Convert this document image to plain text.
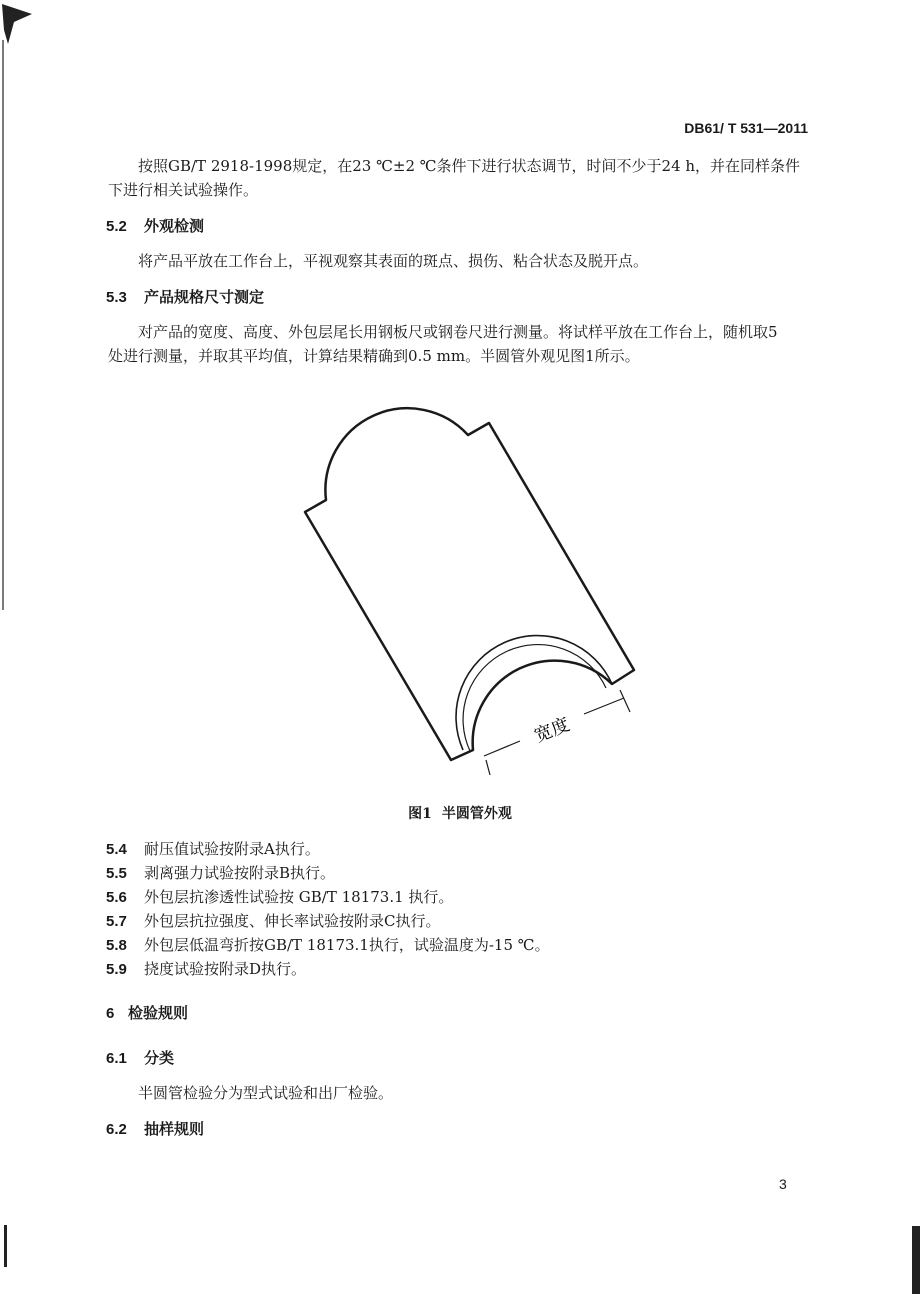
DB61/ T 531—2011
按照GB/T 2918-1998规定，在23 ℃±2 ℃条件下进行状态调节，时间不少于24 h，并在同样条件
下进行相关试验操作。
5.2 外观检测
将产品平放在工作台上，平视观察其表面的斑点、损伤、粘合状态及脱开点。
5.3 产品规格尺寸测定
对产品的宽度、高度、外包层尾长用钢板尺或钢卷尺进行测量。将试样平放在工作台上，随机取5
处进行测量，并取其平均值，计算结果精确到0.5 mm。半圆管外观见图1所示。
宽度
图1 半圆管外观
5.4 耐压值试验按附录A执行。
5.5 剥离强力试验按附录B执行。
5.6 外包层抗渗透性试验按 GB/T 18173.1 执行。
5.7 外包层抗拉强度、伸长率试验按附录C执行。
5.8 外包层低温弯折按GB/T 18173.1执行，试验温度为-15 ℃。
5.9 挠度试验按附录D执行。
6 检验规则
6.1 分类
半圆管检验分为型式试验和出厂检验。
6.2 抽样规则
3
